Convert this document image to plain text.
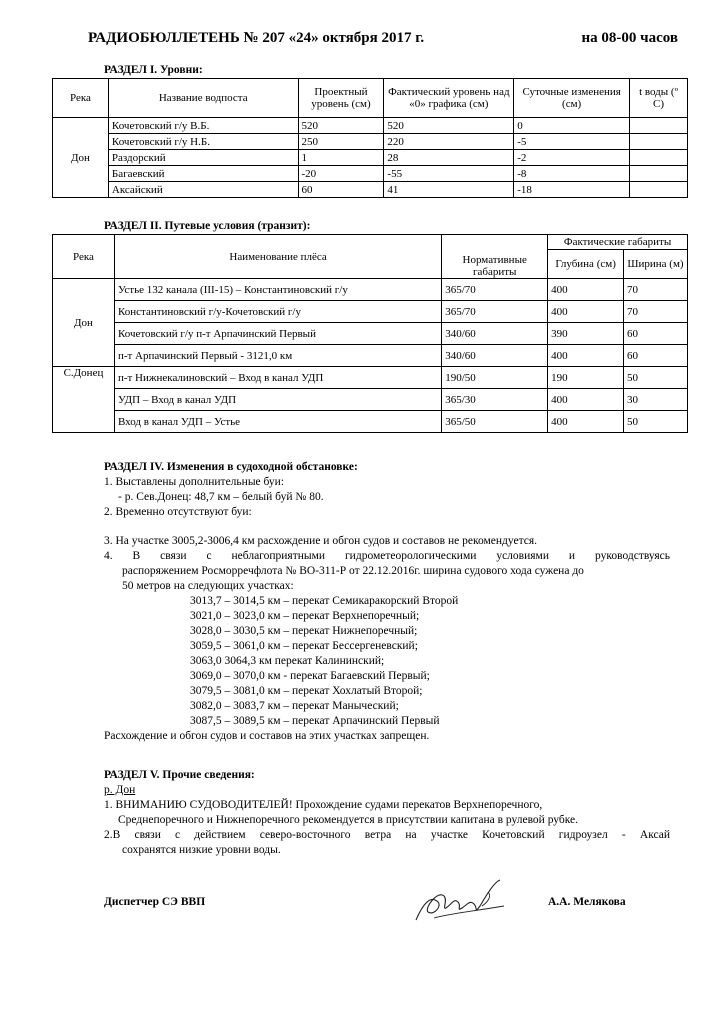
РАДИОБЮЛЛЕТЕНЬ № 207 «24» октября 2017 г.	на 08-00 часов
РАЗДЕЛ I. Уровни:
Река	Название водпоста	Проектный уровень (см)	Фактический уровень над «0» графика (см)	Суточные изменения (см)	t воды (º С)
Дон	Кочетовский г/у В.Б.	520	520	0	
	Кочетовский г/у Н.Б.	250	220	-5	
	Раздорский	1	28	-2	
	Багаевский	-20	-55	-8	
	Аксайский	60	41	-18	
РАЗДЕЛ II. Путевые условия (транзит):
Река	Наименование плёса	Нормативные габариты	Фактические габариты	
			Глубина (см)	Ширина (м)
Дон	Устье 132 канала (III-15) – Константиновский г/у	365/70	400	70
	Константиновский г/у-Кочетовский г/у	365/70	400	70
	Кочетовский г/у п-т Арпачинский Первый	340/60	390	60
	п-т Арпачинский Первый - 3121,0 км	340/60	400	60
С.Донец	п-т Нижнекалиновский – Вход в канал УДП	190/50	190	50
	УДП – Вход в канал УДП	365/30	400	30
	Вход в канал УДП – Устье	365/50	400	50
РАЗДЕЛ IV. Изменения в судоходной обстановке:
1. Выставлены дополнительные буи:
- р. Сев.Донец: 48,7 км – белый буй № 80.
2. Временно отсутствуют буи:
3. На участке 3005,2-3006,4 км расхождение и обгон судов и составов не рекомендуется.
4. В связи с неблагоприятными гидрометеорологическими условиями и руководствуясь
распоряжением Росморречфлота № ВО-311-Р от 22.12.2016г. ширина судового хода сужена до
50 метров на следующих участках:
3013,7 – 3014,5 км – перекат Семикаракорский Второй
3021,0 – 3023,0 км – перекат Верхнепоречный;
3028,0 – 3030,5 км – перекат Нижнепоречный;
3059,5 – 3061,0 км – перекат Бессергеневский;
3063,0 3064,3 км перекат Калининский;
3069,0 – 3070,0 км - перекат Багаевский Первый;
3079,5 – 3081,0 км – перекат Хохлатый Второй;
3082,0 – 3083,7 км – перекат Маныческий;
3087,5 – 3089,5 км – перекат Арпачинский Первый
Расхождение и обгон судов и составов на этих участках запрещен.
РАЗДЕЛ V. Прочие сведения:
р. Дон
1. ВНИМАНИЮ СУДОВОДИТЕЛЕЙ! Прохождение судами перекатов Верхнепоречного,
Среднепоречного и Нижнепоречного рекомендуется в присутствии капитана в рулевой рубке.
2.В связи с действием северо-восточного ветра на участке Кочетовский гидроузел - Аксай
сохранятся низкие уровни воды.
Диспетчер СЭ ВВП	А.А. Мелякова
